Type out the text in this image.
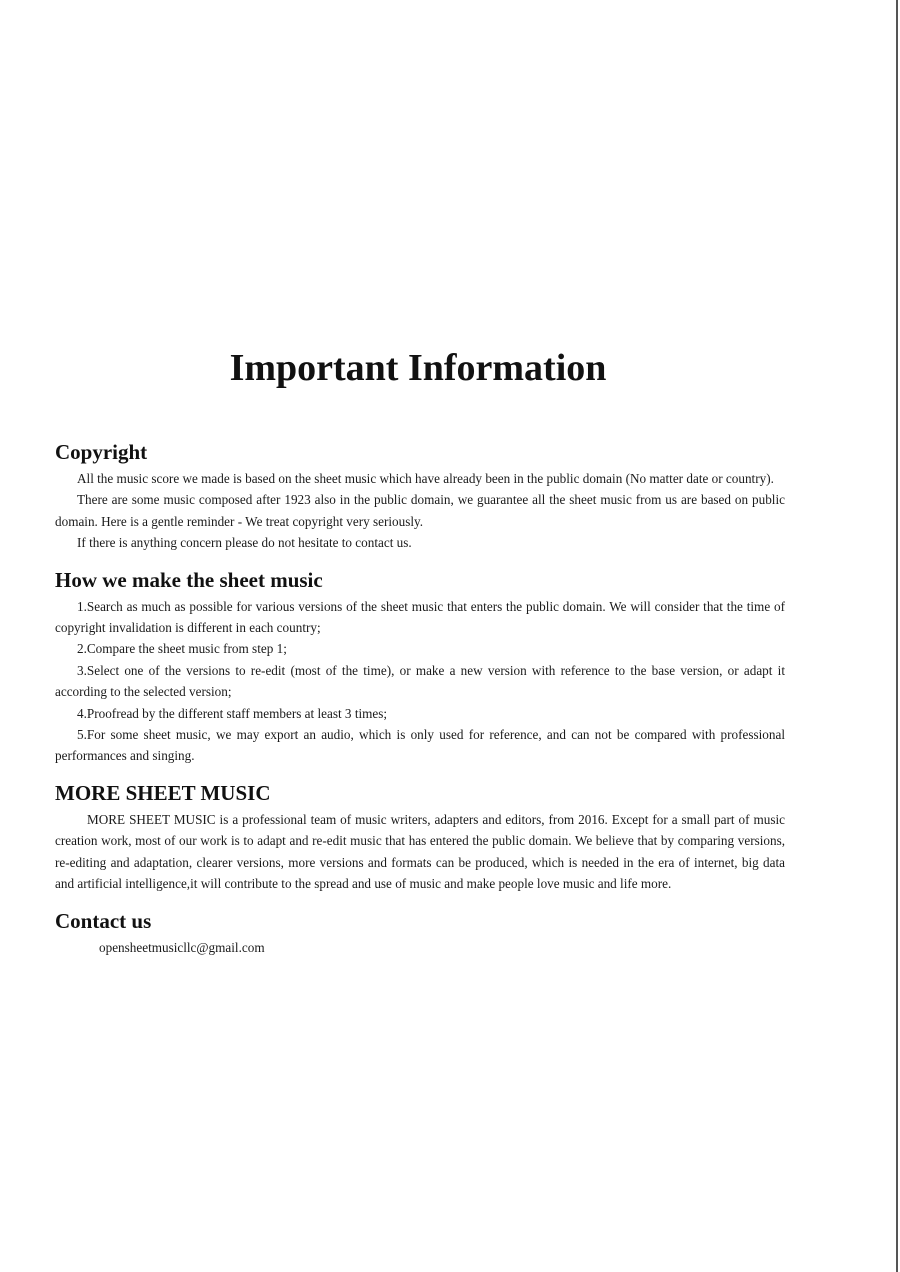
Important Information
Copyright

All the music score we made is based on the sheet music which have already been in the public domain (No matter date or country).

There are some music composed after 1923 also in the public domain, we guarantee all the sheet music from us are based on public domain. Here is a gentle reminder - We treat copyright very seriously.

If there is anything concern please do not hesitate to contact us.

How we make the sheet music

1.Search as much as possible for various versions of the sheet music that enters the public domain. We will consider that the time of copyright invalidation is different in each country;

2.Compare the sheet music from step 1;

3.Select one of the versions to re-edit (most of the time), or make a new version with reference to the base version, or adapt it according to the selected version;

4.Proofread by the different staff members at least 3 times;

5.For some sheet music, we may export an audio, which is only used for reference, and can not be compared with professional performances and singing.

MORE SHEET MUSIC

MORE SHEET MUSIC is a professional team of music writers, adapters and editors, from 2016. Except for a small part of music creation work, most of our work is to adapt and re-edit music that has entered the public domain. We believe that by comparing versions, re-editing and adaptation, clearer versions, more versions and formats can be produced, which is needed in the era of internet, big data and artificial intelligence,it will contribute to the spread and use of music and make people love music and life more.

Contact us

opensheetmusicllc@gmail.com
